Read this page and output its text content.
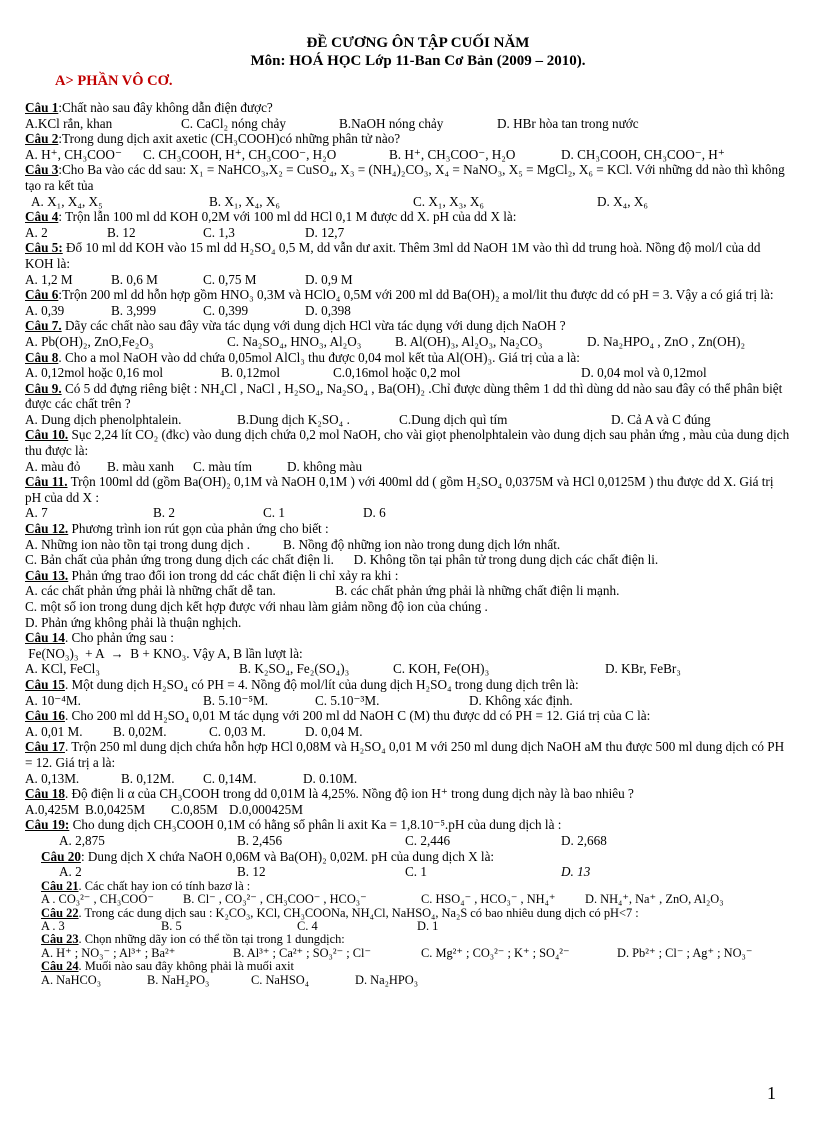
ĐỀ CƯƠNG ÔN TẬP CUỐI NĂM
Môn: HOÁ HỌC Lớp 11-Ban Cơ Bản (2009 – 2010).
A> PHẦN VÔ CƠ.
Câu 1:Chất nào sau đây không dẫn điện được?
A.KCl rắn, khan	C. CaCl₂ nóng chảy	B.NaOH nóng chảy	D. HBr hòa tan trong nước
Câu 2:Trong dung dịch axit axetic (CH₃COOH)có những phân tử nào?
A. H⁺, CH₃COO⁻	C. CH₃COOH, H⁺, CH₃COO⁻, H₂O	B. H⁺, CH₃COO⁻, H₂O	D. CH₃COOH, CH₃COO⁻, H⁺
Câu 3:Cho Ba vào các dd sau: X₁ = NaHCO₃,X₂ = CuSO₄, X₃ = (NH₄)₂CO₃, X₄ = NaNO₃, X₅ = MgCl₂, X₆ = KCl. Với những dd nào thì không tạo ra kết tủa
A. X₁, X₄, X₅	B. X₁, X₄, X₆	C. X₁, X₃, X₆	D. X₄, X₆
Câu 4: Trộn lẫn 100 ml dd KOH 0,2M với 100 ml dd HCl 0,1 M được dd X. pH của dd X là:
A. 2	B. 12	C. 1,3	D. 12,7
Câu 5: Đổ 10 ml dd KOH vào 15 ml dd H₂SO₄ 0,5 M, dd vẫn dư axit. Thêm 3ml dd NaOH 1M vào thì dd trung hoà. Nồng độ mol/l của dd KOH là:
A. 1,2 M	B. 0,6 M	C. 0,75 M	D. 0,9 M
Câu 6:Trộn 200 ml dd hỗn hợp gồm HNO₃ 0,3M và HClO₄ 0,5M với 200 ml dd Ba(OH)₂ a mol/lit thu được dd có pH = 3. Vậy a có giá trị là:
A. 0,39	B. 3,999	C. 0,399	D. 0,398
Câu 7. Dãy các chất nào sau đây vừa tác dụng với dung dịch HCl vừa tác dụng với dung dịch NaOH ?
A. Pb(OH)₂, ZnO,Fe₂O₃	C. Na₂SO₄, HNO₃, Al₂O₃	B. Al(OH)₃, Al₂O₃, Na₂CO₃	D. Na₂HPO₄ , ZnO , Zn(OH)₂
Câu 8. Cho a mol NaOH vào dd chứa 0,05mol AlCl₃ thu được 0,04 mol kết tủa Al(OH)₃. Giá trị của a là:
A. 0,12mol hoặc 0,16 mol	B. 0,12mol	C.0,16mol hoặc 0,2 mol	D. 0,04 mol và 0,12mol
Câu 9. Có 5 dd đựng riêng biệt : NH₄Cl , NaCl , H₂SO₄, Na₂SO₄ , Ba(OH)₂ .Chỉ được dùng thêm 1 dd thì dùng dd nào sau đây có thể phân biệt được các chất trên ?
A. Dung dịch phenolphtalein.	B.Dung dịch K₂SO₄ .	C.Dung dịch quì tím	D. Cả A và C đúng
Câu 10. Sục 2,24 lít CO₂ (đkc) vào dung dịch chứa 0,2 mol NaOH, cho vài giọt phenolphtalein vào dung dịch sau phản ứng , màu của dung dịch thu được là:
A. màu đỏ	B. màu xanh	C. màu tím	D. không màu
Câu 11. Trộn 100ml dd (gồm Ba(OH)₂ 0,1M và NaOH 0,1M ) với 400ml dd ( gồm H₂SO₄ 0,0375M và HCl 0,0125M ) thu được dd X. Giá trị pH của dd X :
A. 7	B. 2	C. 1	D. 6
Câu 12. Phương trình ion rút gọn của phản ứng cho biết :
A. Những ion nào tồn tại trong dung dịch .          B. Nồng độ những ion nào trong dung dịch lớn nhất.
C. Bản chất của phản ứng trong dung dịch các chất điện li.      D. Không tồn tại phân tử trong dung dịch các chất điện li.
Câu 13. Phản ứng trao đổi ion trong dd các chất điện li chỉ xảy ra khi :
A. các chất phản ứng phải là những chất dễ tan.                  B. các chất phản ứng phải là những chất điện li mạnh.
C. một số ion trong dung dịch kết hợp được với nhau làm giảm nồng độ ion của chúng .
D. Phản ứng không phải là thuận nghịch.
Câu 14. Cho phản ứng sau :
Fe(NO₃)₃  + A  →  B + KNO₃. Vậy A, B lần lượt là:
A. KCl, FeCl₃	B. K₂SO₄, Fe₂(SO₄)₃	C. KOH, Fe(OH)₃	D. KBr, FeBr₃
Câu 15. Một dung dịch H₂SO₄ có PH = 4. Nồng độ mol/lít của dung dịch H₂SO₄ trong dung dịch trên là:
A. 10⁻⁴M.	B. 5.10⁻⁵M.	C. 5.10⁻³M.	D. Không xác định.
Câu 16. Cho 200 ml dd H₂SO₄ 0,01 M tác dụng với 200 ml dd NaOH C (M) thu được dd có PH = 12. Giá trị của C là:
A. 0,01 M.	B. 0,02M.	C. 0,03 M.	D. 0,04 M.
Câu 17. Trộn 250 ml dung dịch chứa hỗn hợp HCl 0,08M và H₂SO₄ 0,01 M với 250 ml dung dịch NaOH aM thu được 500 ml dung dịch có PH = 12. Giá trị a là:
A. 0,13M.	B. 0,12M.	C. 0,14M.	D. 0.10M.
Câu 18. Độ điện li α của CH₃COOH trong dd 0,01M là 4,25%. Nồng độ ion H⁺ trong dung dịch này là bao nhiêu ?
A.0,425M B.0,0425M	C.0,85M D.0,000425M
Câu 19: Cho dung dịch CH₃COOH 0,1M có hằng số phân li axit Ka = 1,8.10⁻⁵.pH của dung dịch là :
A. 2,875	B. 2,456	C. 2,446	D. 2,668
Câu 20: Dung dịch X chứa NaOH 0,06M và Ba(OH)₂ 0,02M. pH của dung dịch X là:
A. 2	B. 12	C. 1	D. 13
Câu 21. Các chất hay ion có tính bazơ là :
A . CO₃²⁻ , CH₃COO⁻	B. Cl⁻ , CO₃²⁻ , CH₃COO⁻ , HCO₃⁻	C. HSO₄⁻ , HCO₃⁻ , NH₄⁺	D. NH₄⁺, Na⁺ , ZnO, Al₂O₃
Câu 22. Trong các dung dịch sau : K₂CO₃, KCl, CH₃COONa, NH₄Cl, NaHSO₄, Na₂S có bao nhiêu dung dịch có pH<7 :
A . 3	B. 5	C. 4	D. 1
Câu 23. Chọn những dãy ion có thể tồn tại trong 1 dungdịch:
A. H⁺ ; NO₃⁻ ; Al³⁺ ; Ba²⁺	B. Al³⁺ ; Ca²⁺ ; SO₃²⁻ ; Cl⁻	C. Mg²⁺ ; CO₃²⁻ ; K⁺ ; SO₄²⁻	D. Pb²⁺ ; Cl⁻ ; Ag⁺ ; NO₃⁻
Câu 24. Muối nào sau đây không phải là muối axit
A. NaHCO₃	B. NaH₂PO₃	C. NaHSO₄	D. Na₂HPO₃
1
